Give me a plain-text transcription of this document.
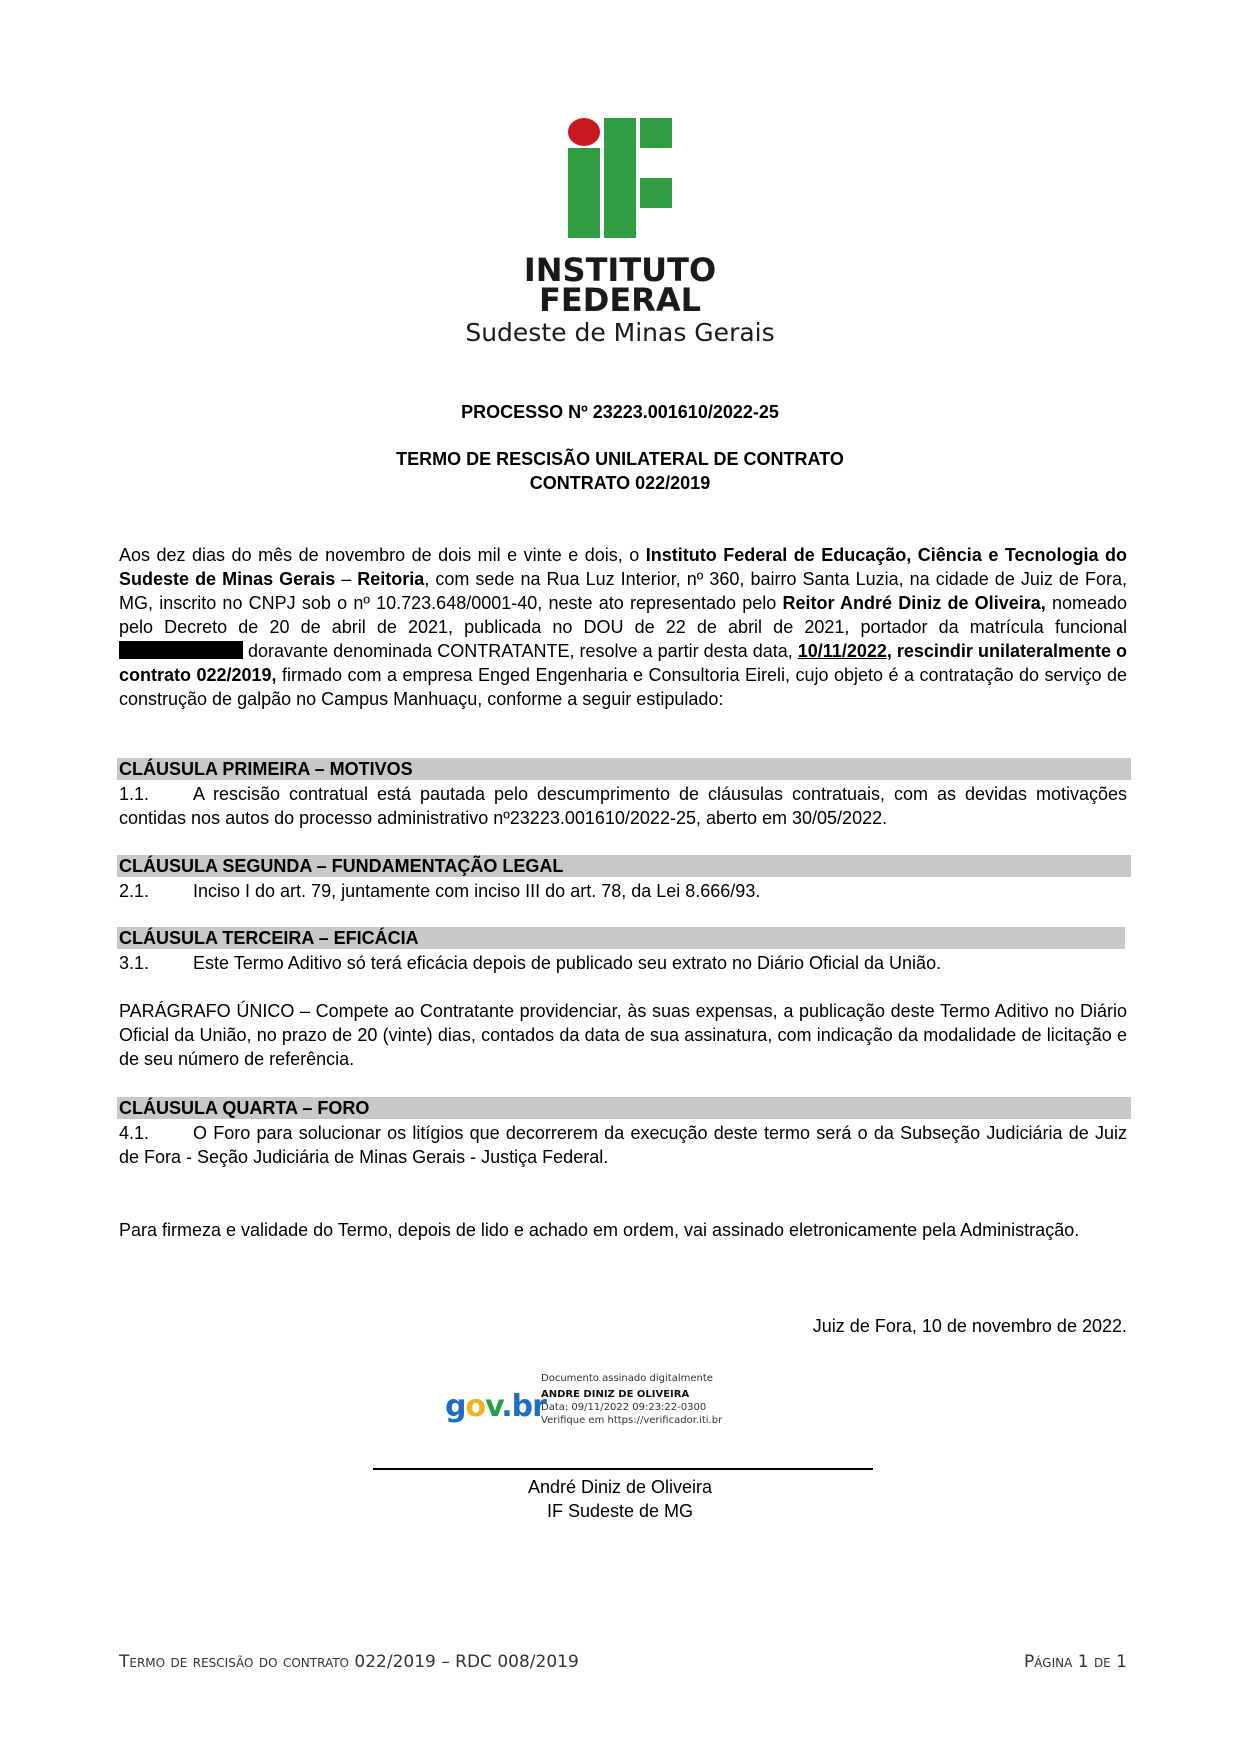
INSTITUTO
FEDERAL
Sudeste de Minas Gerais
PROCESSO Nº 23223.001610/2022-25
TERMO DE RESCISÃO UNILATERAL DE CONTRATO
CONTRATO 022/2019
Aos dez dias do mês de novembro de dois mil e vinte e dois, o Instituto Federal de Educação, Ciência e Tecnologia do Sudeste de Minas Gerais – Reitoria, com sede na Rua Luz Interior, nº 360, bairro Santa Luzia, na cidade de Juiz de Fora, MG, inscrito no CNPJ sob o nº 10.723.648/0001-40, neste ato representado pelo Reitor André Diniz de Oliveira, nomeado pelo Decreto de 20 de abril de 2021, publicada no DOU de 22 de abril de 2021, portador da matrícula funcional  doravante denominada CONTRATANTE, resolve a partir desta data, 10/11/2022, rescindir unilateralmente o contrato 022/2019, firmado com a empresa Enged Engenharia e Consultoria Eireli, cujo objeto é a contratação do serviço de construção de galpão no Campus Manhuaçu, conforme a seguir estipulado:
CLÁUSULA PRIMEIRA – MOTIVOS
1.1. A rescisão contratual está pautada pelo descumprimento de cláusulas contratuais, com as devidas motivações contidas nos autos do processo administrativo nº23223.001610/2022-25, aberto em 30/05/2022.
CLÁUSULA SEGUNDA – FUNDAMENTAÇÃO LEGAL
2.1. Inciso I do art. 79, juntamente com inciso III do art. 78, da Lei 8.666/93.
CLÁUSULA TERCEIRA – EFICÁCIA
3.1. Este Termo Aditivo só terá eficácia depois de publicado seu extrato no Diário Oficial da União.
PARÁGRAFO ÚNICO – Compete ao Contratante providenciar, às suas expensas, a publicação deste Termo Aditivo no Diário Oficial da União, no prazo de 20 (vinte) dias, contados da data de sua assinatura, com indicação da modalidade de licitação e de seu número de referência.
CLÁUSULA QUARTA – FORO
4.1. O Foro para solucionar os litígios que decorrerem da execução deste termo será o da Subseção Judiciária de Juiz de Fora - Seção Judiciária de Minas Gerais - Justiça Federal.
Para firmeza e validade do Termo, depois de lido e achado em ordem, vai assinado eletronicamente pela Administração.
Juiz de Fora, 10 de novembro de 2022.
gov.br
Documento assinado digitalmente
ANDRE DINIZ DE OLIVEIRA
Data: 09/11/2022 09:23:22-0300
Verifique em https://verificador.iti.br
André Diniz de Oliveira
IF Sudeste de MG
Termo de rescisão do contrato 022/2019 – RDC 008/2019	Página 1 de 1
